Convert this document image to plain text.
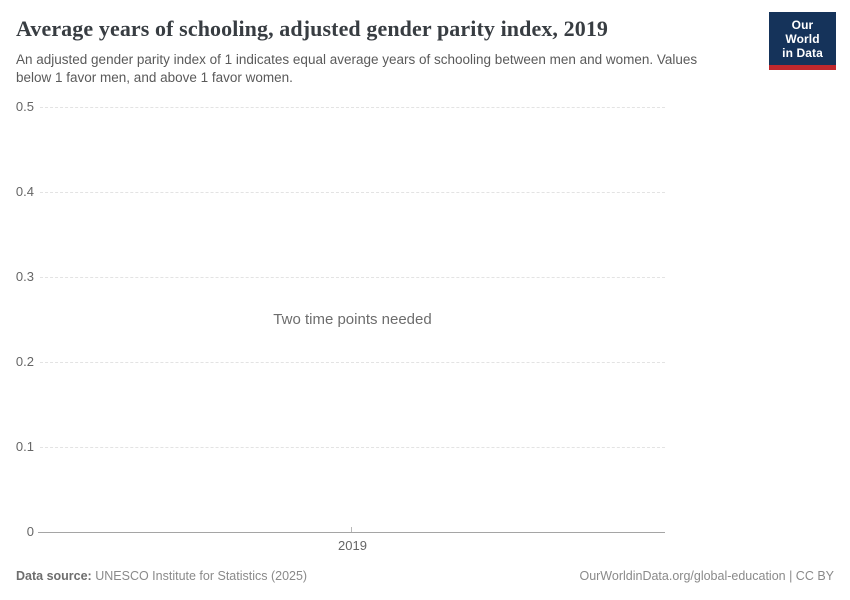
Average years of schooling, adjusted gender parity index, 2019

An adjusted gender parity index of 1 indicates equal average years of schooling between men and women. Values below 1 favor men, and above 1 favor women.

Our World
in Data
0.5
0.4
0.3
0.2
0.1
0
2019
Two time points needed
Data source: UNESCO Institute for Statistics (2025)	OurWorldinData.org/global-education | CC BY
